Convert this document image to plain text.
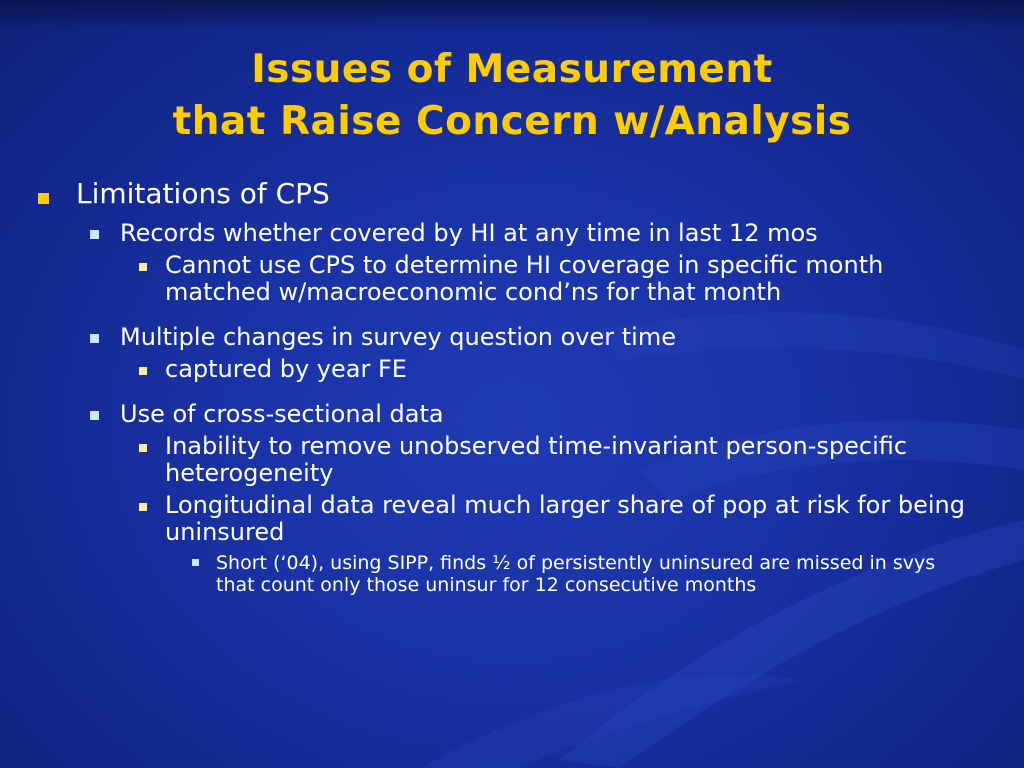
Issues of Measurement
that Raise Concern w/Analysis
Limitations of CPS
Records whether covered by HI at any time in last 12 mos
Cannot use CPS to determine HI coverage in specific month matched w/macroeconomic cond’ns for that month
Multiple changes in survey question over time
captured by year FE
Use of cross-sectional data
Inability to remove unobserved time-invariant person-specific heterogeneity
Longitudinal data reveal much larger share of pop at risk for being uninsured
Short (‘04), using SIPP, finds ½ of persistently uninsured are missed in svys that count only those uninsur for 12 consecutive months
